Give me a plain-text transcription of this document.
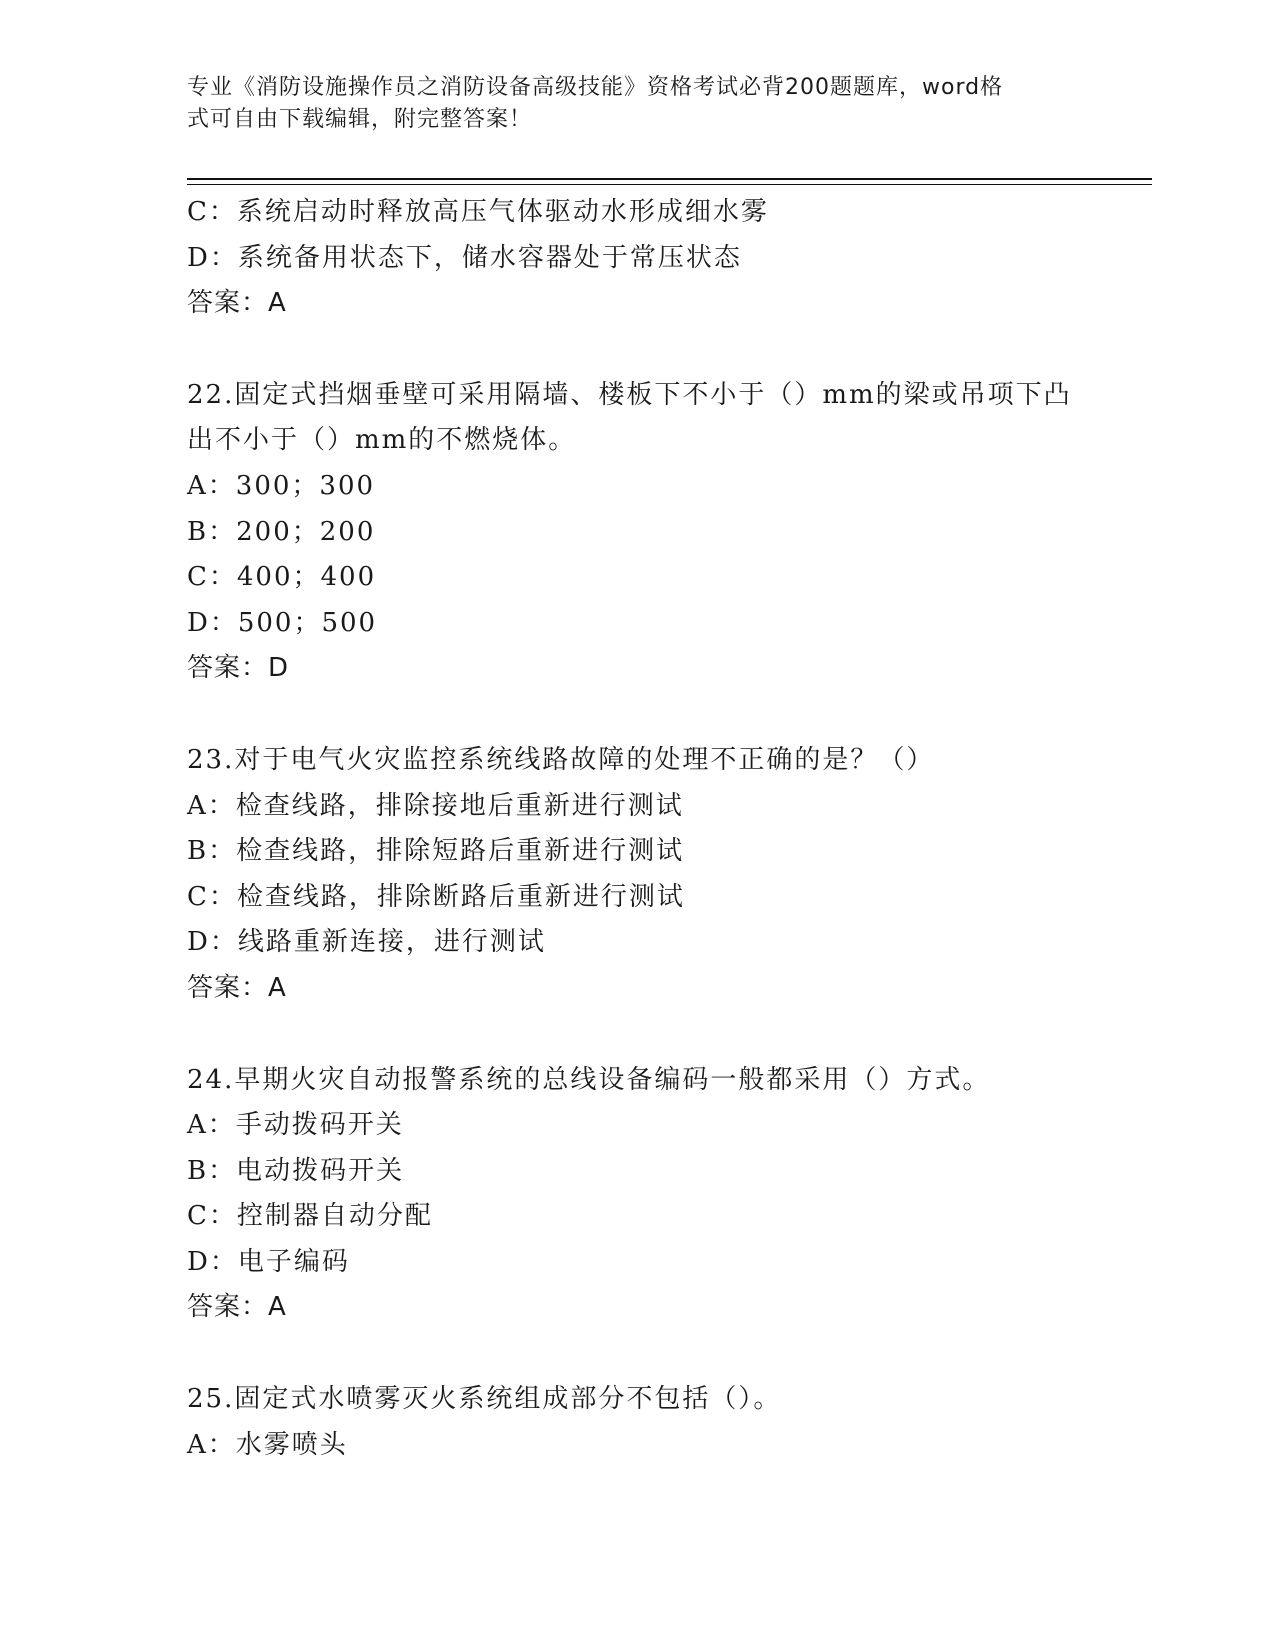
专业《消防设施操作员之消防设备高级技能》资格考试必背200题题库，word格
式可自由下载编辑，附完整答案！
C：系统启动时释放高压气体驱动水形成细水雾
D：系统备用状态下，储水容器处于常压状态
答案：A
22.固定式挡烟垂壁可采用隔墙、楼板下不小于（）mm的梁或吊项下凸
出不小于（）mm的不燃烧体。
A：300；300
B：200；200
C：400；400
D：500；500
答案：D
23.对于电气火灾监控系统线路故障的处理不正确的是？（）
A：检查线路，排除接地后重新进行测试
B：检查线路，排除短路后重新进行测试
C：检查线路，排除断路后重新进行测试
D：线路重新连接，进行测试
答案：A
24.早期火灾自动报警系统的总线设备编码一般都采用（）方式。
A：手动拨码开关
B：电动拨码开关
C：控制器自动分配
D：电子编码
答案：A
25.固定式水喷雾灭火系统组成部分不包括（）。
A：水雾喷头
